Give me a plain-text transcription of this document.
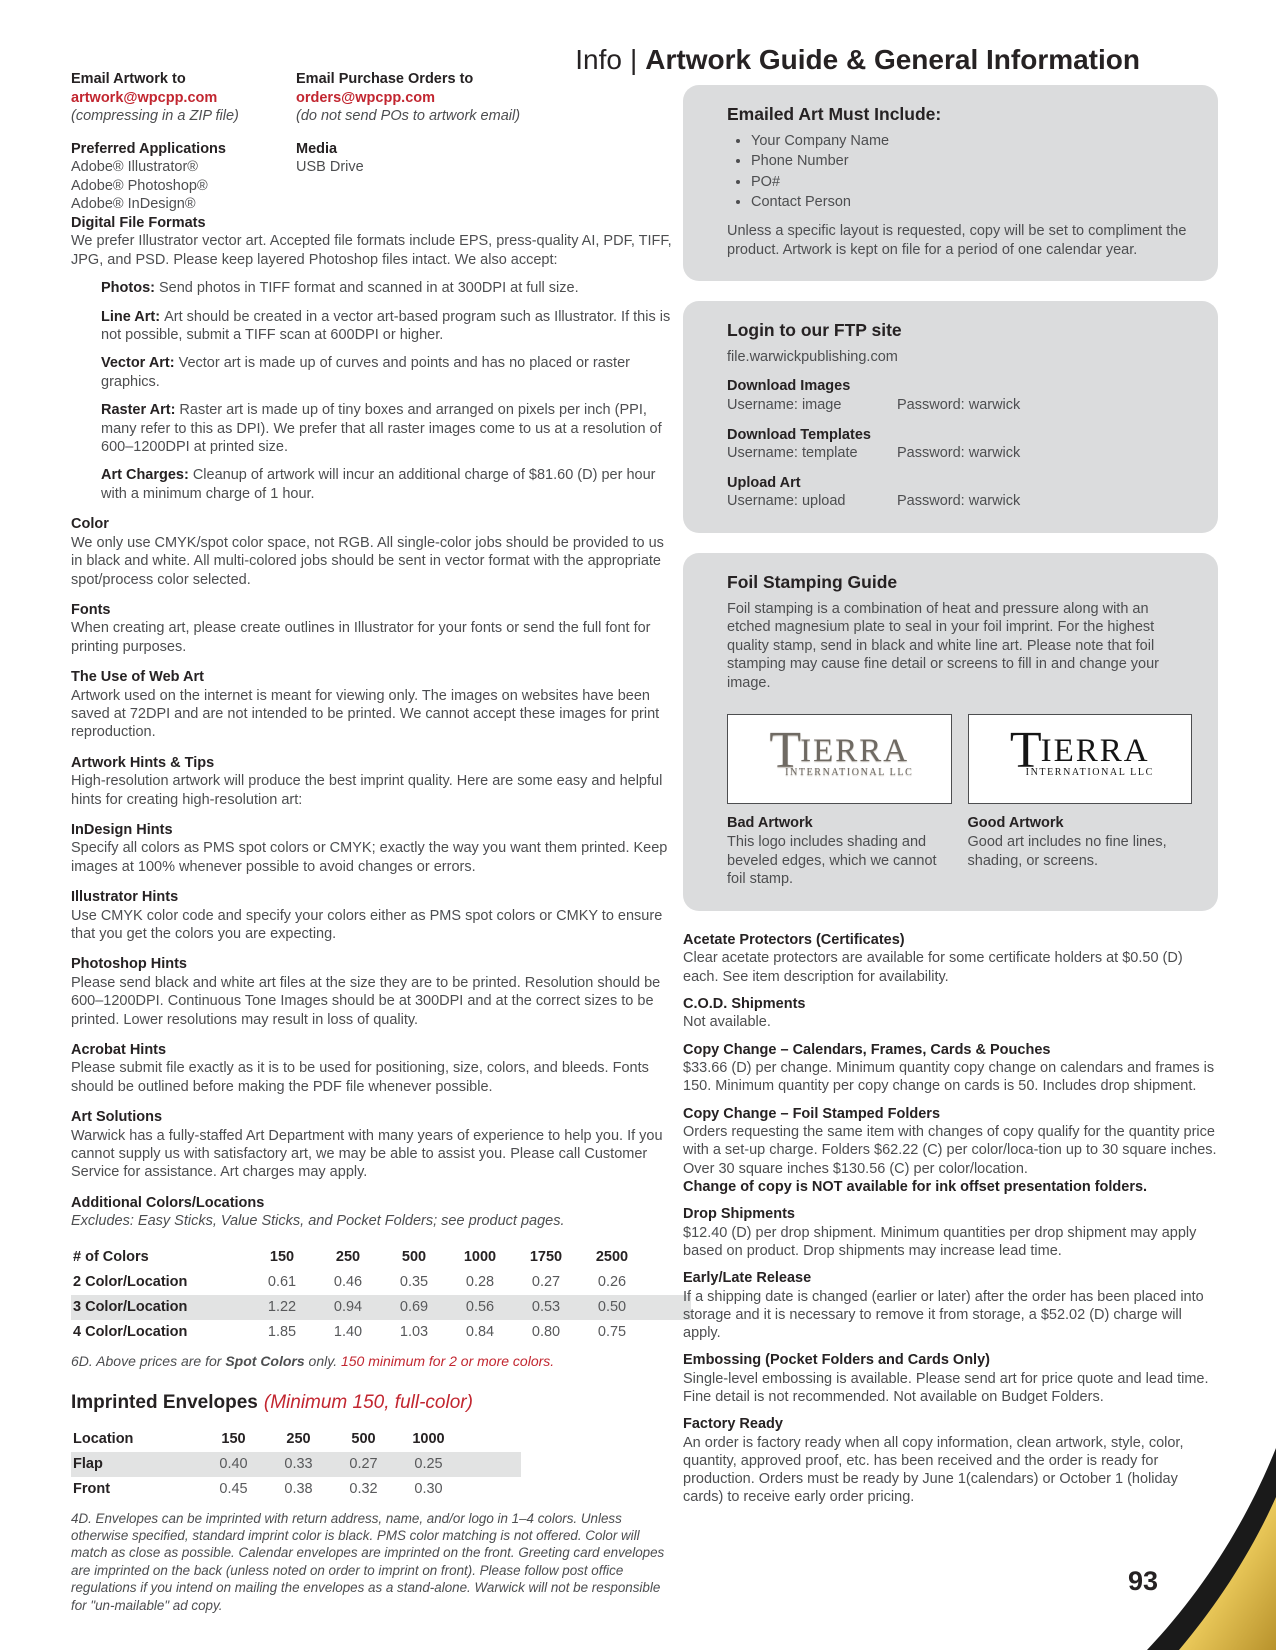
Info | Artwork Guide & General Information
Email Artwork to
artwork@wpcpp.com
(compressing in a ZIP file)
Email Purchase Orders to
orders@wpcpp.com
(do not send POs to artwork email)
Preferred Applications
Adobe® Illustrator®
Adobe® Photoshop®
Adobe® InDesign®
Media
USB Drive
Digital File Formats
We prefer Illustrator vector art. Accepted file formats include EPS, press-quality AI, PDF, TIFF, JPG, and PSD. Please keep layered Photoshop files intact. We also accept:
Photos: Send photos in TIFF format and scanned in at 300DPI at full size.
Line Art: Art should be created in a vector art-based program such as Illustrator. If this is not possible, submit a TIFF scan at 600DPI or higher.
Vector Art: Vector art is made up of curves and points and has no placed or raster graphics.
Raster Art: Raster art is made up of tiny boxes and arranged on pixels per inch (PPI, many refer to this as DPI). We prefer that all raster images come to us at a resolution of 600–1200DPI at printed size.
Art Charges: Cleanup of artwork will incur an additional charge of $81.60 (D) per hour with a minimum charge of 1 hour.
Color
We only use CMYK/spot color space, not RGB. All single-color jobs should be provided to us in black and white. All multi-colored jobs should be sent in vector format with the appropriate spot/process color selected.
Fonts
When creating art, please create outlines in Illustrator for your fonts or send the full font for printing purposes.
The Use of Web Art
Artwork used on the internet is meant for viewing only. The images on websites have been saved at 72DPI and are not intended to be printed. We cannot accept these images for print reproduction.
Artwork Hints & Tips
High-resolution artwork will produce the best imprint quality. Here are some easy and helpful hints for creating high-resolution art:
InDesign Hints
Specify all colors as PMS spot colors or CMYK; exactly the way you want them printed. Keep images at 100% whenever possible to avoid changes or errors.
Illustrator Hints
Use CMYK color code and specify your colors either as PMS spot colors or CMKY to ensure that you get the colors you are expecting.
Photoshop Hints
Please send black and white art files at the size they are to be printed. Resolution should be 600–1200DPI. Continuous Tone Images should be at 300DPI and at the correct sizes to be printed. Lower resolutions may result in loss of quality.
Acrobat Hints
Please submit file exactly as it is to be used for positioning, size, colors, and bleeds. Fonts should be outlined before making the PDF file whenever possible.
Art Solutions
Warwick has a fully-staffed Art Department with many years of experience to help you. If you cannot supply us with satisfactory art, we may be able to assist you. Please call Customer Service for assistance. Art charges may apply.
Additional Colors/Locations
Excludes: Easy Sticks, Value Sticks, and Pocket Folders; see product pages.
# of Colors	150	250	500	1000	1750	2500
2 Color/Location	0.61	0.46	0.35	0.28	0.27	0.26
3 Color/Location	1.22	0.94	0.69	0.56	0.53	0.50
4 Color/Location	1.85	1.40	1.03	0.84	0.80	0.75
6D. Above prices are for Spot Colors only. 150 minimum for 2 or more colors.
Imprinted Envelopes (Minimum 150, full-color)
Location	150	250	500	1000
Flap	0.40	0.33	0.27	0.25
Front	0.45	0.38	0.32	0.30
4D. Envelopes can be imprinted with return address, name, and/or logo in 1–4 colors. Unless otherwise specified, standard imprint color is black. PMS color matching is not offered. Color will match as close as possible. Calendar envelopes are imprinted on the front. Greeting card envelopes are imprinted on the back (unless noted on order to imprint on front). Please follow post office regulations if you intend on mailing the envelopes as a stand-alone. Warwick will not be responsible for "un-mailable" ad copy.
Emailed Art Must Include:
• Your Company Name
• Phone Number
• PO#
• Contact Person
Unless a specific layout is requested, copy will be set to compliment the product. Artwork is kept on file for a period of one calendar year.
Login to our FTP site
file.warwickpublishing.com
Download Images
Username: image	Password: warwick
Download Templates
Username: template	Password: warwick
Upload Art
Username: upload	Password: warwick
Foil Stamping Guide
Foil stamping is a combination of heat and pressure along with an etched magnesium plate to seal in your foil imprint. For the highest quality stamp, send in black and white line art. Please note that foil stamping may cause fine detail or screens to fill in and change your image.
TIERRA
INTERNATIONAL LLC
Bad Artwork
This logo includes shading and beveled edges, which we cannot foil stamp.
TIERRA
INTERNATIONAL LLC
Good Artwork
Good art includes no fine lines, shading, or screens.
Acetate Protectors (Certificates)
Clear acetate protectors are available for some certificate holders at $0.50 (D) each. See item description for availability.
C.O.D. Shipments
Not available.
Copy Change – Calendars, Frames, Cards & Pouches
$33.66 (D) per change. Minimum quantity copy change on calendars and frames is 150. Minimum quantity per copy change on cards is 50. Includes drop shipment.
Copy Change – Foil Stamped Folders
Orders requesting the same item with changes of copy qualify for the quantity price with a set-up charge. Folders $62.22 (C) per color/loca-tion up to 30 square inches. Over 30 square inches $130.56 (C) per color/location.
Change of copy is NOT available for ink offset presentation folders.
Drop Shipments
$12.40 (D) per drop shipment. Minimum quantities per drop shipment may apply based on product. Drop shipments may increase lead time.
Early/Late Release
If a shipping date is changed (earlier or later) after the order has been placed into storage and it is necessary to remove it from storage, a $52.02 (D) charge will apply.
Embossing (Pocket Folders and Cards Only)
Single-level embossing is available. Please send art for price quote and lead time. Fine detail is not recommended. Not available on Budget Folders.
Factory Ready
An order is factory ready when all copy information, clean artwork, style, color, quantity, approved proof, etc. has been received and the order is ready for production. Orders must be ready by June 1(calendars) or October 1 (holiday cards) to receive early order pricing.
93
